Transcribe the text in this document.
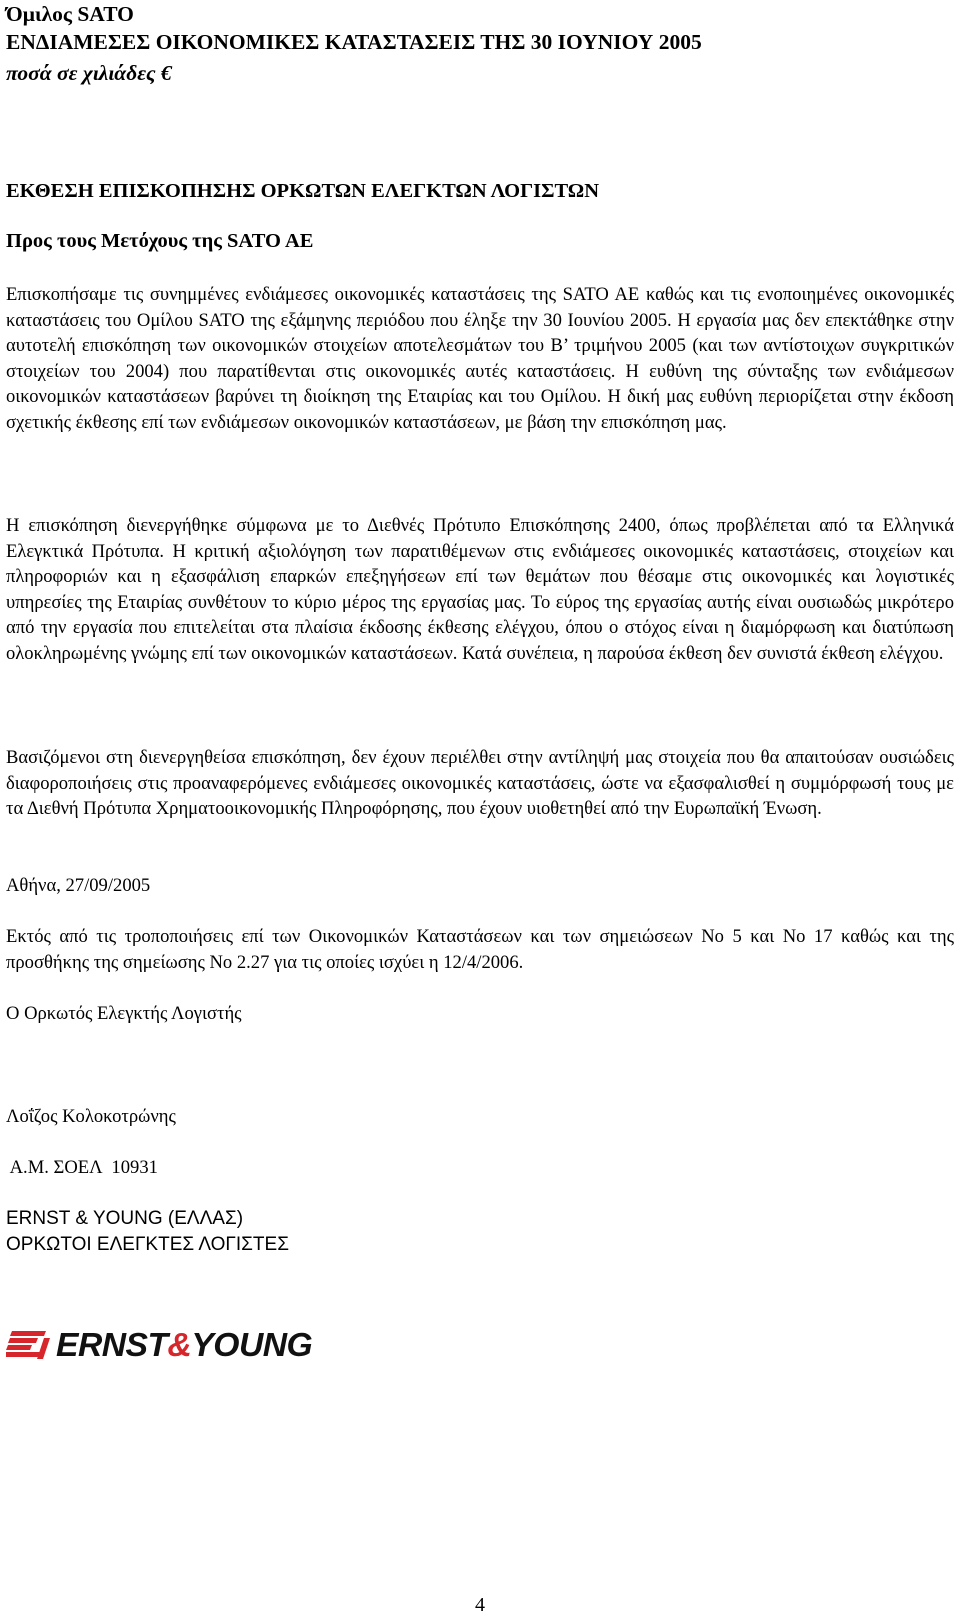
Όμιλος SATO
ΕΝΔΙΑΜΕΣΕΣ ΟΙΚΟΝΟΜΙΚΕΣ ΚΑΤΑΣΤΑΣΕΙΣ ΤΗΣ 30 ΙΟΥΝΙΟΥ 2005
ποσά σε χιλιάδες €
ΕΚΘΕΣΗ ΕΠΙΣΚΟΠΗΣΗΣ ΟΡΚΩΤΩΝ ΕΛΕΓΚΤΩΝ ΛΟΓΙΣΤΩΝ
Προς τους Μετόχους της SATO AE
Επισκοπήσαμε τις συνημμένες ενδιάμεσες οικονομικές καταστάσεις της SATO AE καθώς και τις ενοποιημένες οικονομικές καταστάσεις του Ομίλου SATO της εξάμηνης περιόδου που έληξε την 30 Ιουνίου 2005. Η εργασία μας δεν επεκτάθηκε στην αυτοτελή επισκόπηση των οικονομικών στοιχείων αποτελεσμάτων του Β’ τριμήνου 2005 (και των αντίστοιχων συγκριτικών στοιχείων του 2004) που παρατίθενται στις οικονομικές αυτές καταστάσεις. Η ευθύνη της σύνταξης των ενδιάμεσων οικονομικών καταστάσεων βαρύνει τη διοίκηση της Εταιρίας και του Ομίλου. Η δική μας ευθύνη περιορίζεται στην έκδοση σχετικής έκθεσης επί των ενδιάμεσων οικονομικών καταστάσεων, με βάση την επισκόπηση μας.
Η επισκόπηση διενεργήθηκε σύμφωνα με το Διεθνές Πρότυπο Επισκόπησης 2400, όπως προβλέπεται από τα Ελληνικά Ελεγκτικά Πρότυπα. Η κριτική αξιολόγηση των παρατιθέμενων στις ενδιάμεσες οικονομικές καταστάσεις, στοιχείων και πληροφοριών και η εξασφάλιση επαρκών επεξηγήσεων επί των θεμάτων που θέσαμε στις οικονομικές και λογιστικές υπηρεσίες της Εταιρίας συνθέτουν το κύριο μέρος της εργασίας μας. Το εύρος της εργασίας αυτής είναι ουσιωδώς μικρότερο από την εργασία που επιτελείται στα πλαίσια έκδοσης έκθεσης ελέγχου, όπου ο στόχος είναι η διαμόρφωση και διατύπωση ολοκληρωμένης γνώμης επί των οικονομικών καταστάσεων. Κατά συνέπεια, η παρούσα έκθεση δεν συνιστά έκθεση ελέγχου.
Βασιζόμενοι στη διενεργηθείσα επισκόπηση, δεν έχουν περιέλθει στην αντίληψή μας στοιχεία που θα απαιτούσαν ουσιώδεις διαφοροποιήσεις στις προαναφερόμενες ενδιάμεσες οικονομικές καταστάσεις, ώστε να εξασφαλισθεί η συμμόρφωσή τους με τα Διεθνή Πρότυπα Χρηματοοικονομικής Πληροφόρησης, που έχουν υιοθετηθεί από την Ευρωπαϊκή Ένωση.
Αθήνα, 27/09/2005
Εκτός από τις τροποποιήσεις επί των Οικονομικών Καταστάσεων και των σημειώσεων Νο 5 και Νο 17 καθώς και της προσθήκης της σημείωσης Νο 2.27 για τις οποίες ισχύει η 12/4/2006.
Ο Ορκωτός Ελεγκτής Λογιστής
Λοΐζος Κολοκοτρώνης
Α.Μ. ΣΟΕΛ  10931
ERNST & YOUNG (ΕΛΛΑΣ)
ΟΡΚΩΤΟΙ ΕΛΕΓΚΤΕΣ ΛΟΓΙΣΤΕΣ
ERNST&YOUNG
4
